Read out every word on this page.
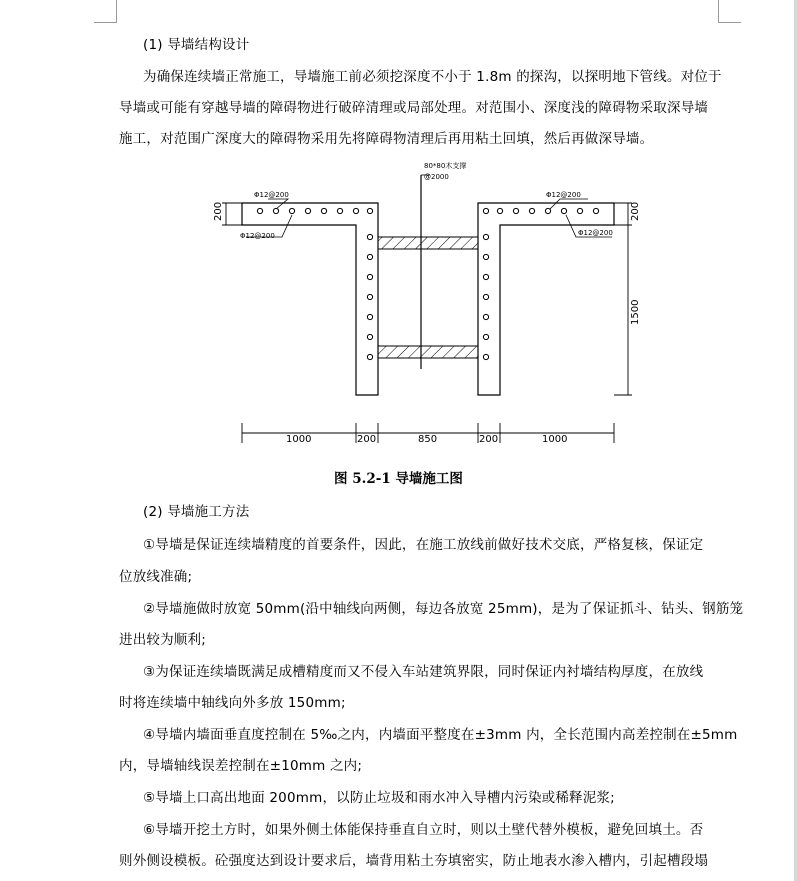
(1) 导墙结构设计
为确保连续墙正常施工，导墙施工前必须挖深度不小于 1.8m 的探沟，以探明地下管线。对位于
导墙或可能有穿越导墙的障碍物进行破碎清理或局部处理。对范围小、深度浅的障碍物采取深导墙
施工，对范围广深度大的障碍物采用先将障碍物清理后再用粘土回填，然后再做深导墙。
80*80木支撑
@2000
Φ12@200
Φ12@200
Φ12@200
Φ12@200
200	200
1500
1000	200	850	200	1000
图 5.2-1 导墙施工图
(2) 导墙施工方法
①导墙是保证连续墙精度的首要条件，因此，在施工放线前做好技术交底，严格复核，保证定
位放线准确;
②导墙施做时放宽 50mm(沿中轴线向两侧，每边各放宽 25mm)，是为了保证抓斗、钻头、钢筋笼
进出较为顺利;
③为保证连续墙既满足成槽精度而又不侵入车站建筑界限，同时保证内衬墙结构厚度，在放线
时将连续墙中轴线向外多放 150mm;
④导墙内墙面垂直度控制在 5‰之内，内墙面平整度在±3mm 内，全长范围内高差控制在±5mm
内，导墙轴线误差控制在±10mm 之内;
⑤导墙上口高出地面 200mm，以防止垃圾和雨水冲入导槽内污染或稀释泥浆;
⑥导墙开挖土方时，如果外侧土体能保持垂直自立时，则以土壁代替外模板，避免回填土。否
则外侧设模板。砼强度达到设计要求后，墙背用粘土夯填密实，防止地表水渗入槽内，引起槽段塌
